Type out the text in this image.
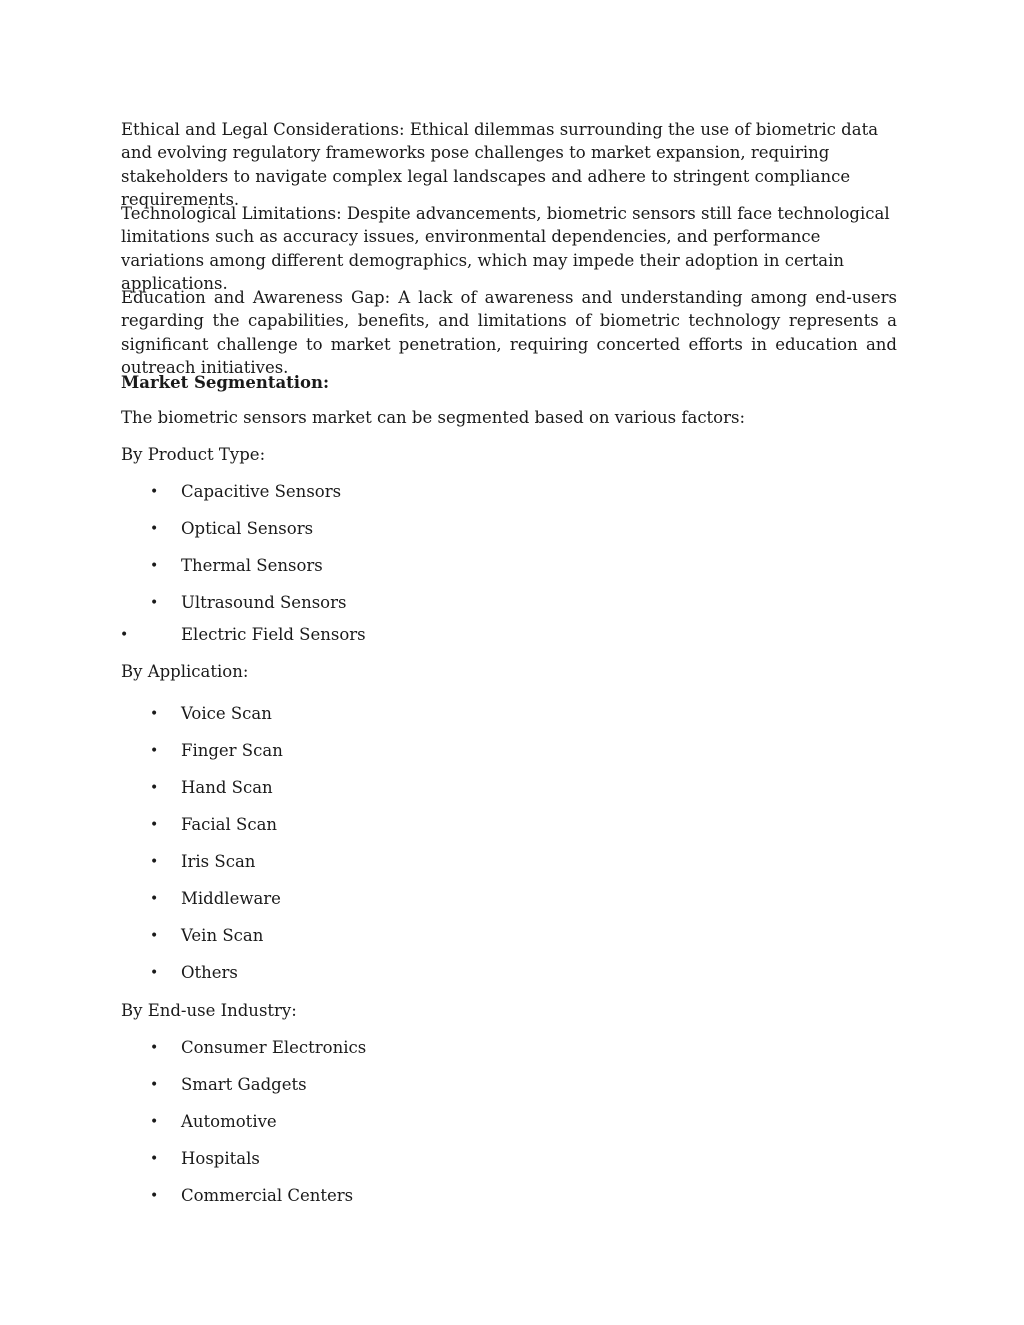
Ethical and Legal Considerations: Ethical dilemmas surrounding the use of biometric data and evolving regulatory frameworks pose challenges to market expansion, requiring stakeholders to navigate complex legal landscapes and adhere to stringent compliance requirements.

Technological Limitations: Despite advancements, biometric sensors still face technological limitations such as accuracy issues, environmental dependencies, and performance variations among different demographics, which may impede their adoption in certain applications.

Education and Awareness Gap: A lack of awareness and understanding among end-users regarding the capabilities, benefits, and limitations of biometric technology represents a significant challenge to market penetration, requiring concerted efforts in education and outreach initiatives.

Market Segmentation:

The biometric sensors market can be segmented based on various factors:

By Product Type:

• Capacitive Sensors
• Optical Sensors
• Thermal Sensors
• Ultrasound Sensors
•	Electric Field Sensors

By Application:

• Voice Scan
• Finger Scan
• Hand Scan
• Facial Scan
• Iris Scan
• Middleware
• Vein Scan
• Others

By End-use Industry:

• Consumer Electronics
• Smart Gadgets
• Automotive
• Hospitals
• Commercial Centers
